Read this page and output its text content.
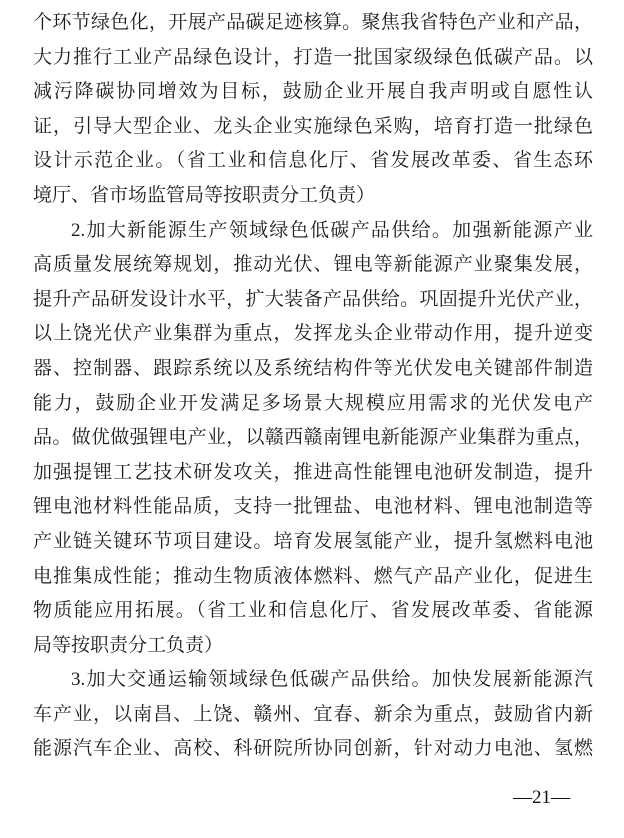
个环节绿色化，开展产品碳足迹核算。聚焦我省特色产业和产品，
大力推行工业产品绿色设计，打造一批国家级绿色低碳产品。以
减污降碳协同增效为目标，鼓励企业开展自我声明或自愿性认
证，引导大型企业、龙头企业实施绿色采购，培育打造一批绿色
设计示范企业。（省工业和信息化厅、省发展改革委、省生态环
境厅、省市场监管局等按职责分工负责）
2.加大新能源生产领域绿色低碳产品供给。加强新能源产业
高质量发展统筹规划，推动光伏、锂电等新能源产业聚集发展，
提升产品研发设计水平，扩大装备产品供给。巩固提升光伏产业，
以上饶光伏产业集群为重点，发挥龙头企业带动作用，提升逆变
器、控制器、跟踪系统以及系统结构件等光伏发电关键部件制造
能力，鼓励企业开发满足多场景大规模应用需求的光伏发电产
品。做优做强锂电产业，以赣西赣南锂电新能源产业集群为重点，
加强提锂工艺技术研发攻关，推进高性能锂电池研发制造，提升
锂电池材料性能品质，支持一批锂盐、电池材料、锂电池制造等
产业链关键环节项目建设。培育发展氢能产业，提升氢燃料电池
电推集成性能；推动生物质液体燃料、燃气产品产业化，促进生
物质能应用拓展。（省工业和信息化厅、省发展改革委、省能源
局等按职责分工负责）
3.加大交通运输领域绿色低碳产品供给。加快发展新能源汽
车产业，以南昌、上饶、赣州、宜春、新余为重点，鼓励省内新
能源汽车企业、高校、科研院所协同创新，针对动力电池、氢燃
—21—
